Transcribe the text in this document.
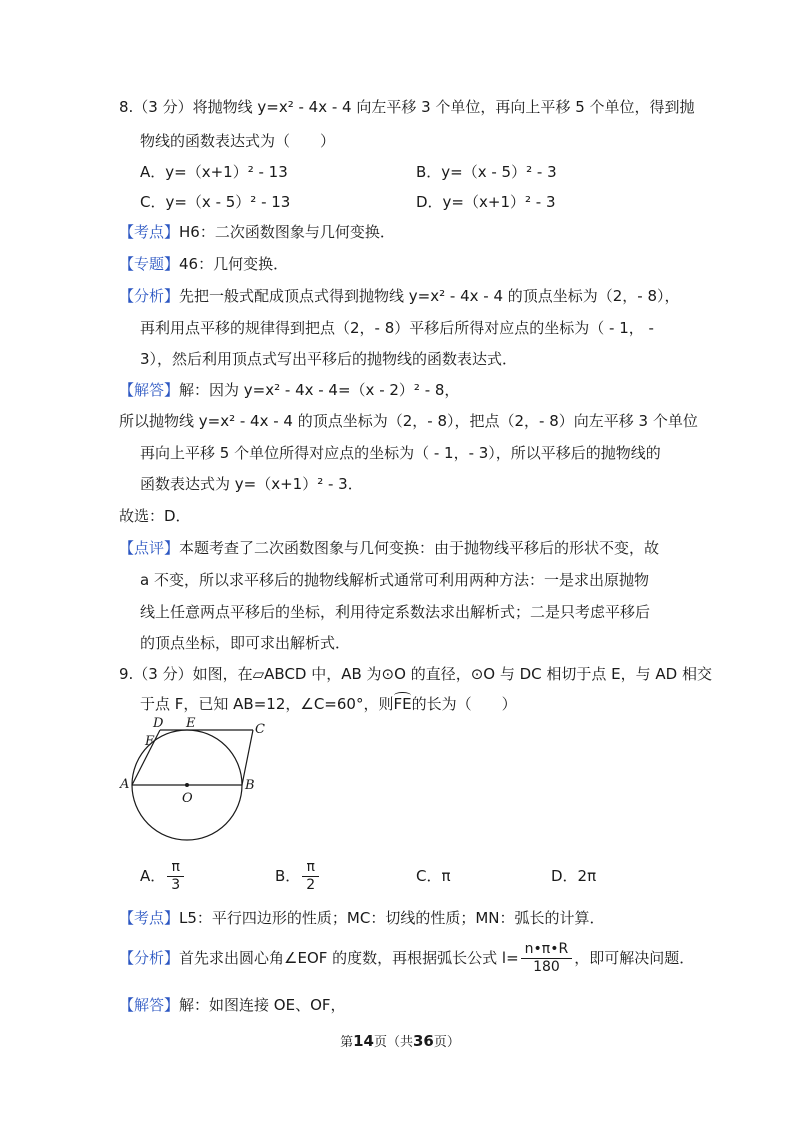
8.（3 分）将抛物线 y=x² - 4x - 4 向左平移 3 个单位，再向上平移 5 个单位，得到抛
物线的函数表达式为（　　）
A．y=（x+1）² - 13	B．y=（x - 5）² - 3
C．y=（x - 5）² - 13	D．y=（x+1）² - 3
【考点】H6：二次函数图象与几何变换．
【专题】46：几何变换．
【分析】先把一般式配成顶点式得到抛物线 y=x² - 4x - 4 的顶点坐标为（2，- 8），
再利用点平移的规律得到把点（2，- 8）平移后所得对应点的坐标为（ - 1， -
3），然后利用顶点式写出平移后的抛物线的函数表达式．
【解答】解：因为 y=x² - 4x - 4=（x - 2）² - 8，
所以抛物线 y=x² - 4x - 4 的顶点坐标为（2，- 8），把点（2，- 8）向左平移 3 个单位
再向上平移 5 个单位所得对应点的坐标为（ - 1，- 3），所以平移后的抛物线的
函数表达式为 y=（x+1）² - 3．
故选：D．
【点评】本题考查了二次函数图象与几何变换：由于抛物线平移后的形状不变，故
a 不变，所以求平移后的抛物线解析式通常可利用两种方法：一是求出原抛物
线上任意两点平移后的坐标，利用待定系数法求出解析式；二是只考虑平移后
的顶点坐标，即可求出解析式．
9.（3 分）如图，在▱ABCD 中，AB 为⊙O 的直径，⊙O 与 DC 相切于点 E，与 AD 相交
于点 F，已知 AB=12，∠C=60°，则FE的长为（　　）
D E	C
F
A
O
B
A． $\frac{\pi}{3}$	B． $\frac{\pi}{2}$	C．π	D．2π
【考点】L5：平行四边形的性质；MC：切线的性质；MN：弧长的计算．
【分析】首先求出圆心角∠EOF 的度数，再根据弧长公式 $l= \frac{n•\pi•R}{180}$ ，即可解决问题．
【解答】解：如图连接 OE、OF，
第14页（共36页）
